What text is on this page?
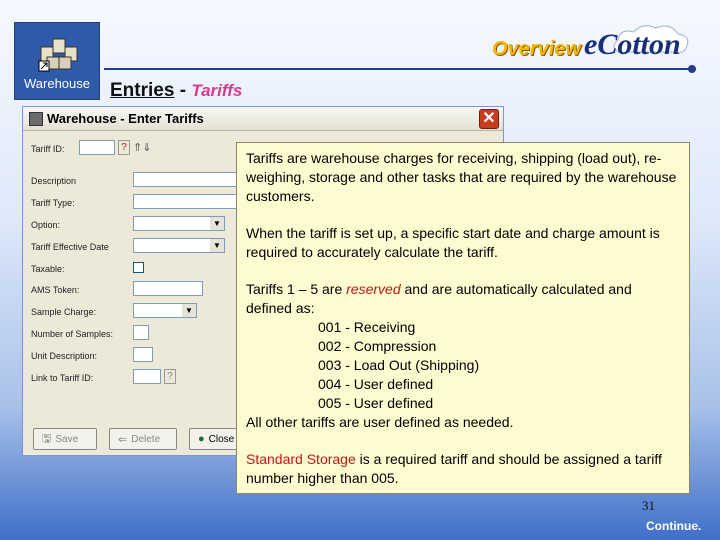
Warehouse
Overview eCotton
Entries - Tariffs
Warehouse - Enter Tariffs	✕
Tariff ID:	? ⇑⇓
Description
Tariff Type:
Option:	▼
Tariff Effective Date	▼
Taxable:
AMS Token:
Sample Charge:	▼
Number of Samples:
Unit Description:
Link to Tariff ID:	?
🖫 Save	⇐ Delete	● Close

Tariffs are warehouse charges for receiving, shipping (load out), re-weighing, storage and other tasks that are required by the warehouse customers.

When the tariff is set up, a specific start date and charge amount is required to accurately calculate the tariff.

Tariffs 1 – 5 are reserved and are automatically calculated and defined as:
001 - Receiving
002 - Compression
003 - Load Out (Shipping)
004 - User defined
005 - User defined
All other tariffs are user defined as needed.

Standard Storage is a required tariff and should be assigned a tariff number higher than 005.

31
Continue.
